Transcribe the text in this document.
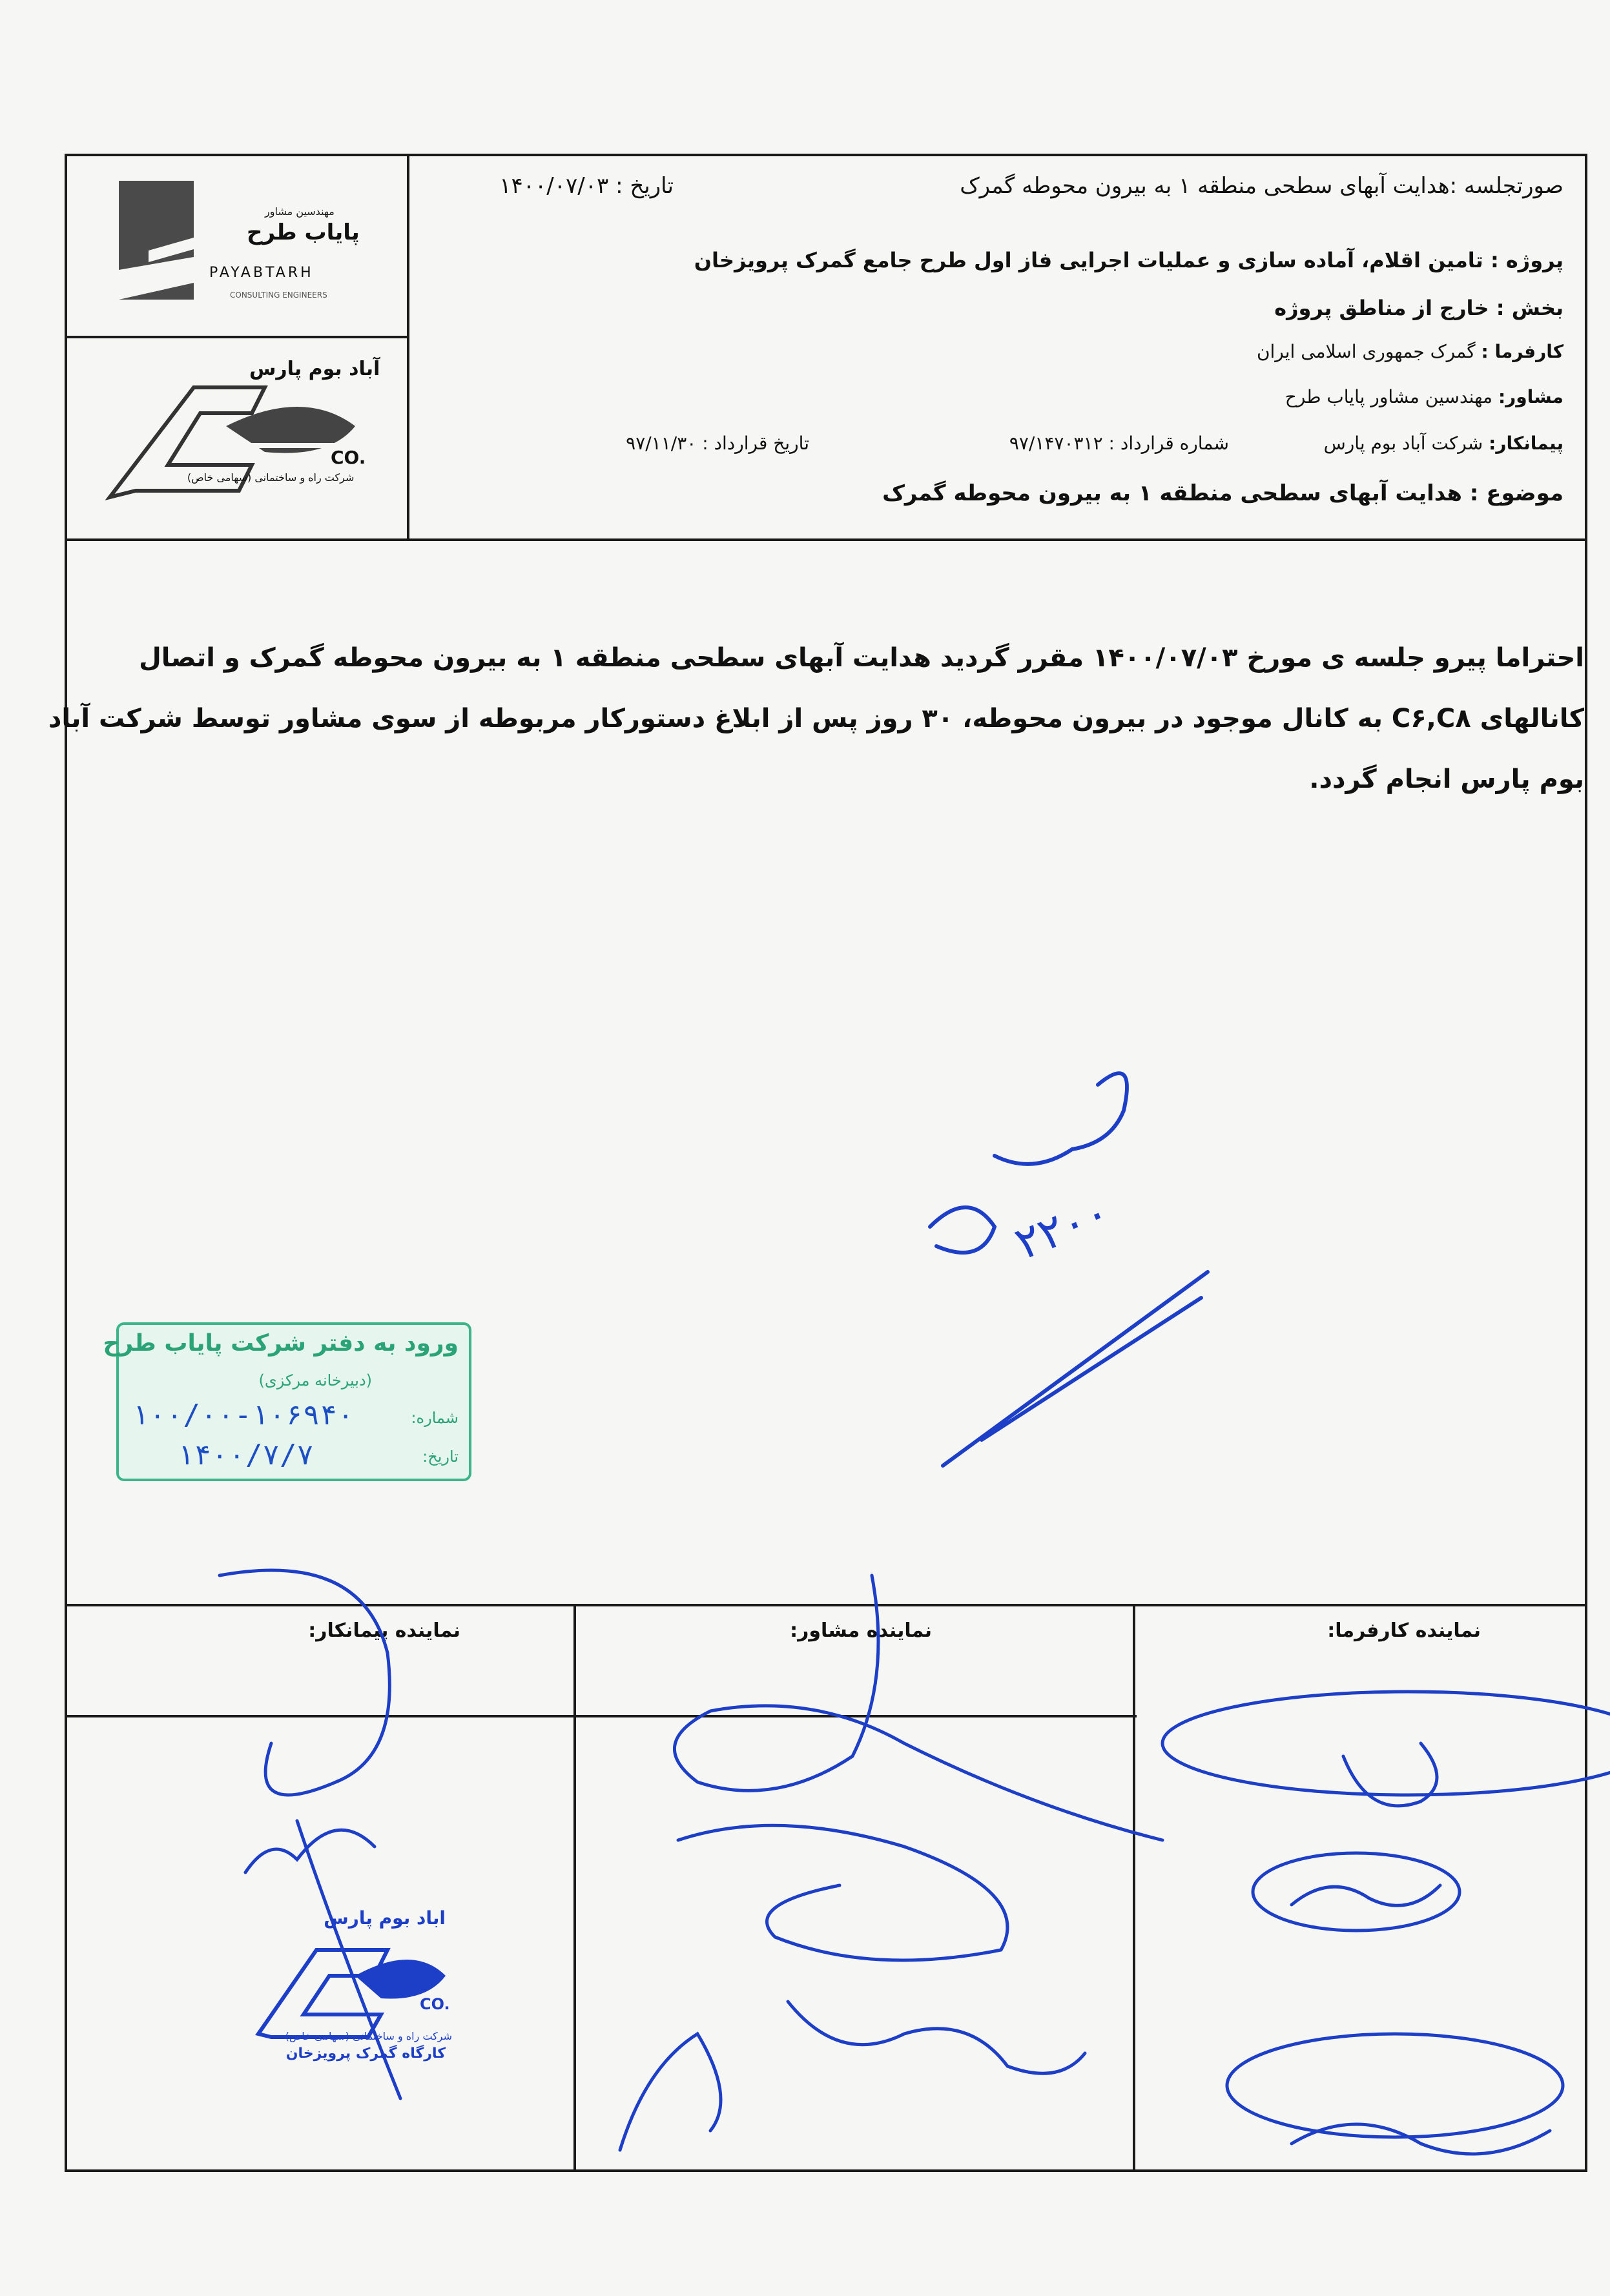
مهندسین مشاور
پایاب طرح
PAYABTARH
CONSULTING ENGINEERS
آباد بوم پارس
CO.
شرکت راه و ساختمانی (سهامی خاص)
صورتجلسه :هدایت آبهای سطحی منطقه ۱ به بیرون محوطه گمرک
تاریخ : ۱۴۰۰/۰۷/۰۳
پروژه : تامین اقلام، آماده سازی و عملیات اجرایی فاز اول طرح جامع گمرک پرویزخان
بخش : خارج از مناطق پروژه
کارفرما : گمرک جمهوری اسلامی ایران
مشاور: مهندسین مشاور پایاب طرح
پیمانکار: شرکت آباد بوم پارس
شماره قرارداد : ۹۷/۱۴۷۰۳۱۲
تاریخ قرارداد : ۹۷/۱۱/۳۰
موضوع : هدایت آبهای سطحی منطقه ۱ به بیرون محوطه گمرک
احتراما پیرو جلسه ی مورخ ۱۴۰۰/۰۷/۰۳ مقرر گردید هدایت آبهای سطحی منطقه ۱ به بیرون محوطه گمرک و اتصال
کانالهای C۶,C۸ به کانال موجود در بیرون محوطه، ۳۰ روز پس از ابلاغ دستورکار مربوطه از سوی مشاور توسط شرکت آباد
بوم پارس انجام گردد.
ورود به دفتر شرکت پایاب طرح
(دبیرخانه مرکزی)
شماره:
تاریخ:
۱۰۰/۰۰-۱۰۶۹۴۰
۱۴۰۰/۷/۷
۲۲۰۰
نماینده پیمانکار:	نماینده مشاور:	نماینده کارفرما:
اباد بوم پارس
CO.
شرکت راه و ساختمانی (سهامی خاص)
کارگاه گمرک پرویزخان
